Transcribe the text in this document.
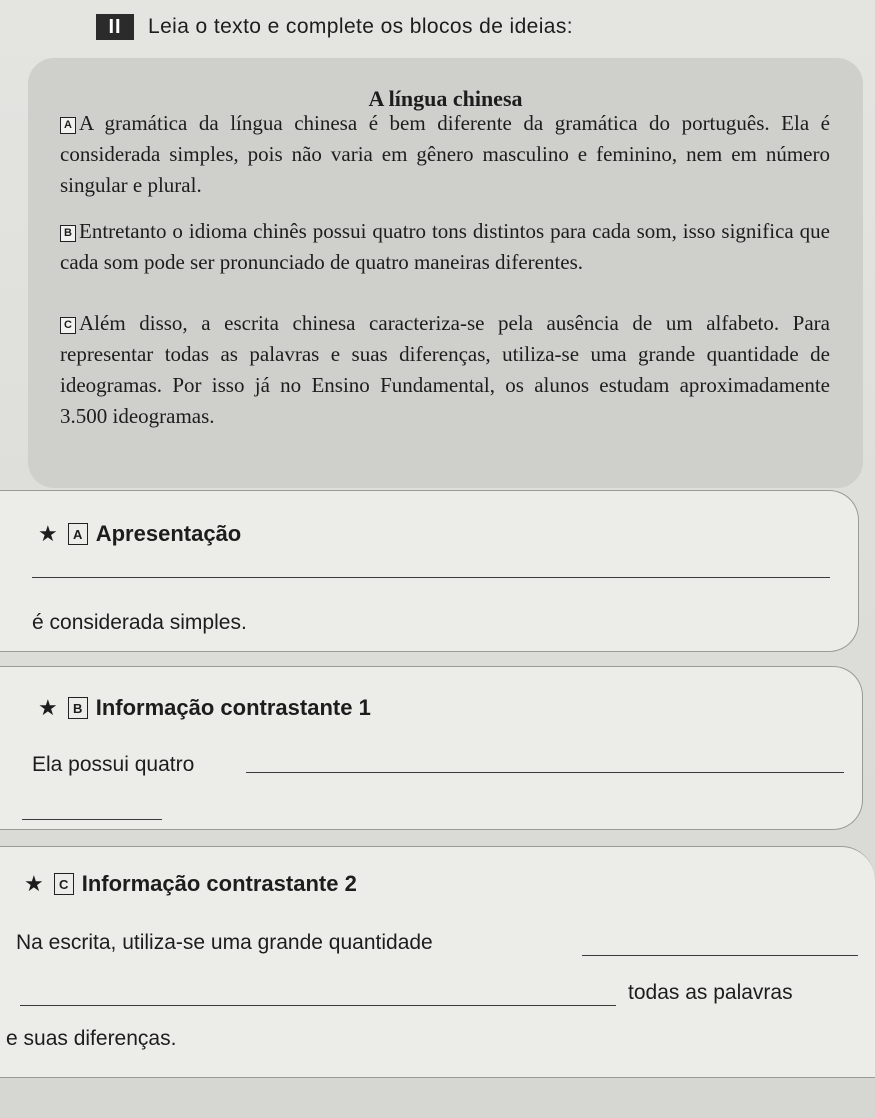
II	Leia o texto e complete os blocos de ideias:
A língua chinesa
A A gramática da língua chinesa é bem diferente da gramática do português. Ela é considerada simples, pois não varia em gênero masculino e feminino, nem em número singular e plural.
B Entretanto o idioma chinês possui quatro tons distintos para cada som, isso significa que cada som pode ser pronunciado de quatro maneiras diferentes.
C Além disso, a escrita chinesa caracteriza-se pela ausência de um alfabeto. Para representar todas as palavras e suas diferenças, utiliza-se uma grande quantidade de ideogramas. Por isso já no Ensino Fundamental, os alunos estudam aproximadamente 3.500 ideogramas.
★	A Apresentação
é considerada simples.
★	B Informação contrastante 1
Ela possui quatro
★	C Informação contrastante 2
Na escrita, utiliza-se uma grande quantidade
todas as palavras
e suas diferenças.
